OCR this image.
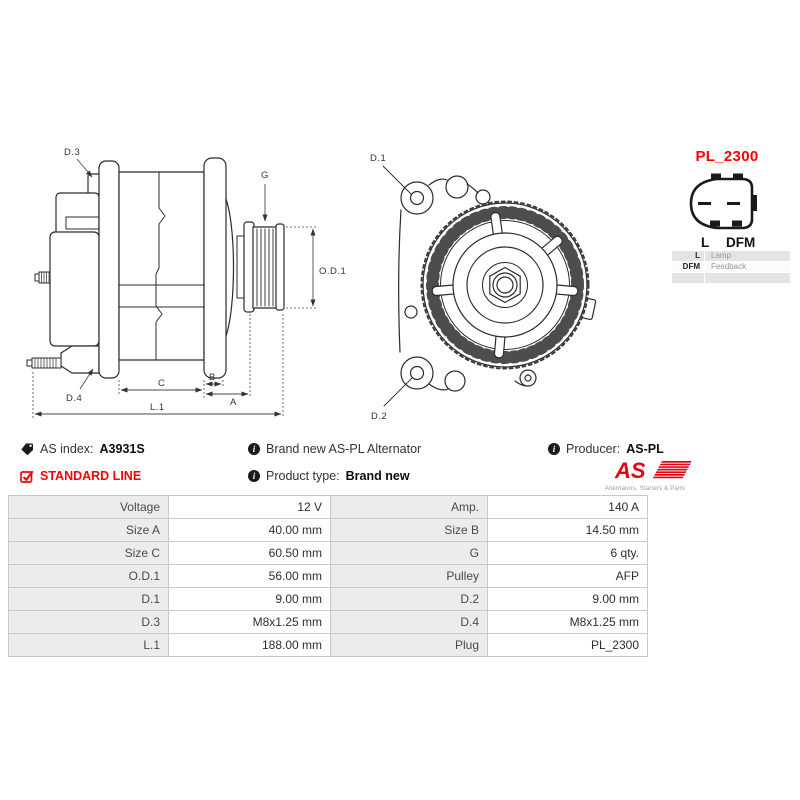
D.3
D.4
G
O.D.1
C
B
A
L.1
D.1
D.2
L DFM
PL_2300
L	Lamp
DFM	Feedback
AS index: A3931S i	Brand new AS-PL Alternator i	Producer: AS-PL
STANDARD LINE i	Product type: Brand new	AS
Alternators, Starters & Parts
Voltage	12 V	Amp.	140 A
Size A	40.00 mm	Size B	14.50 mm
Size C	60.50 mm	G	6 qty.
O.D.1	56.00 mm	Pulley	AFP
D.1	9.00 mm	D.2	9.00 mm
D.3	M8x1.25 mm	D.4	M8x1.25 mm
L.1	188.00 mm	Plug	PL_2300
